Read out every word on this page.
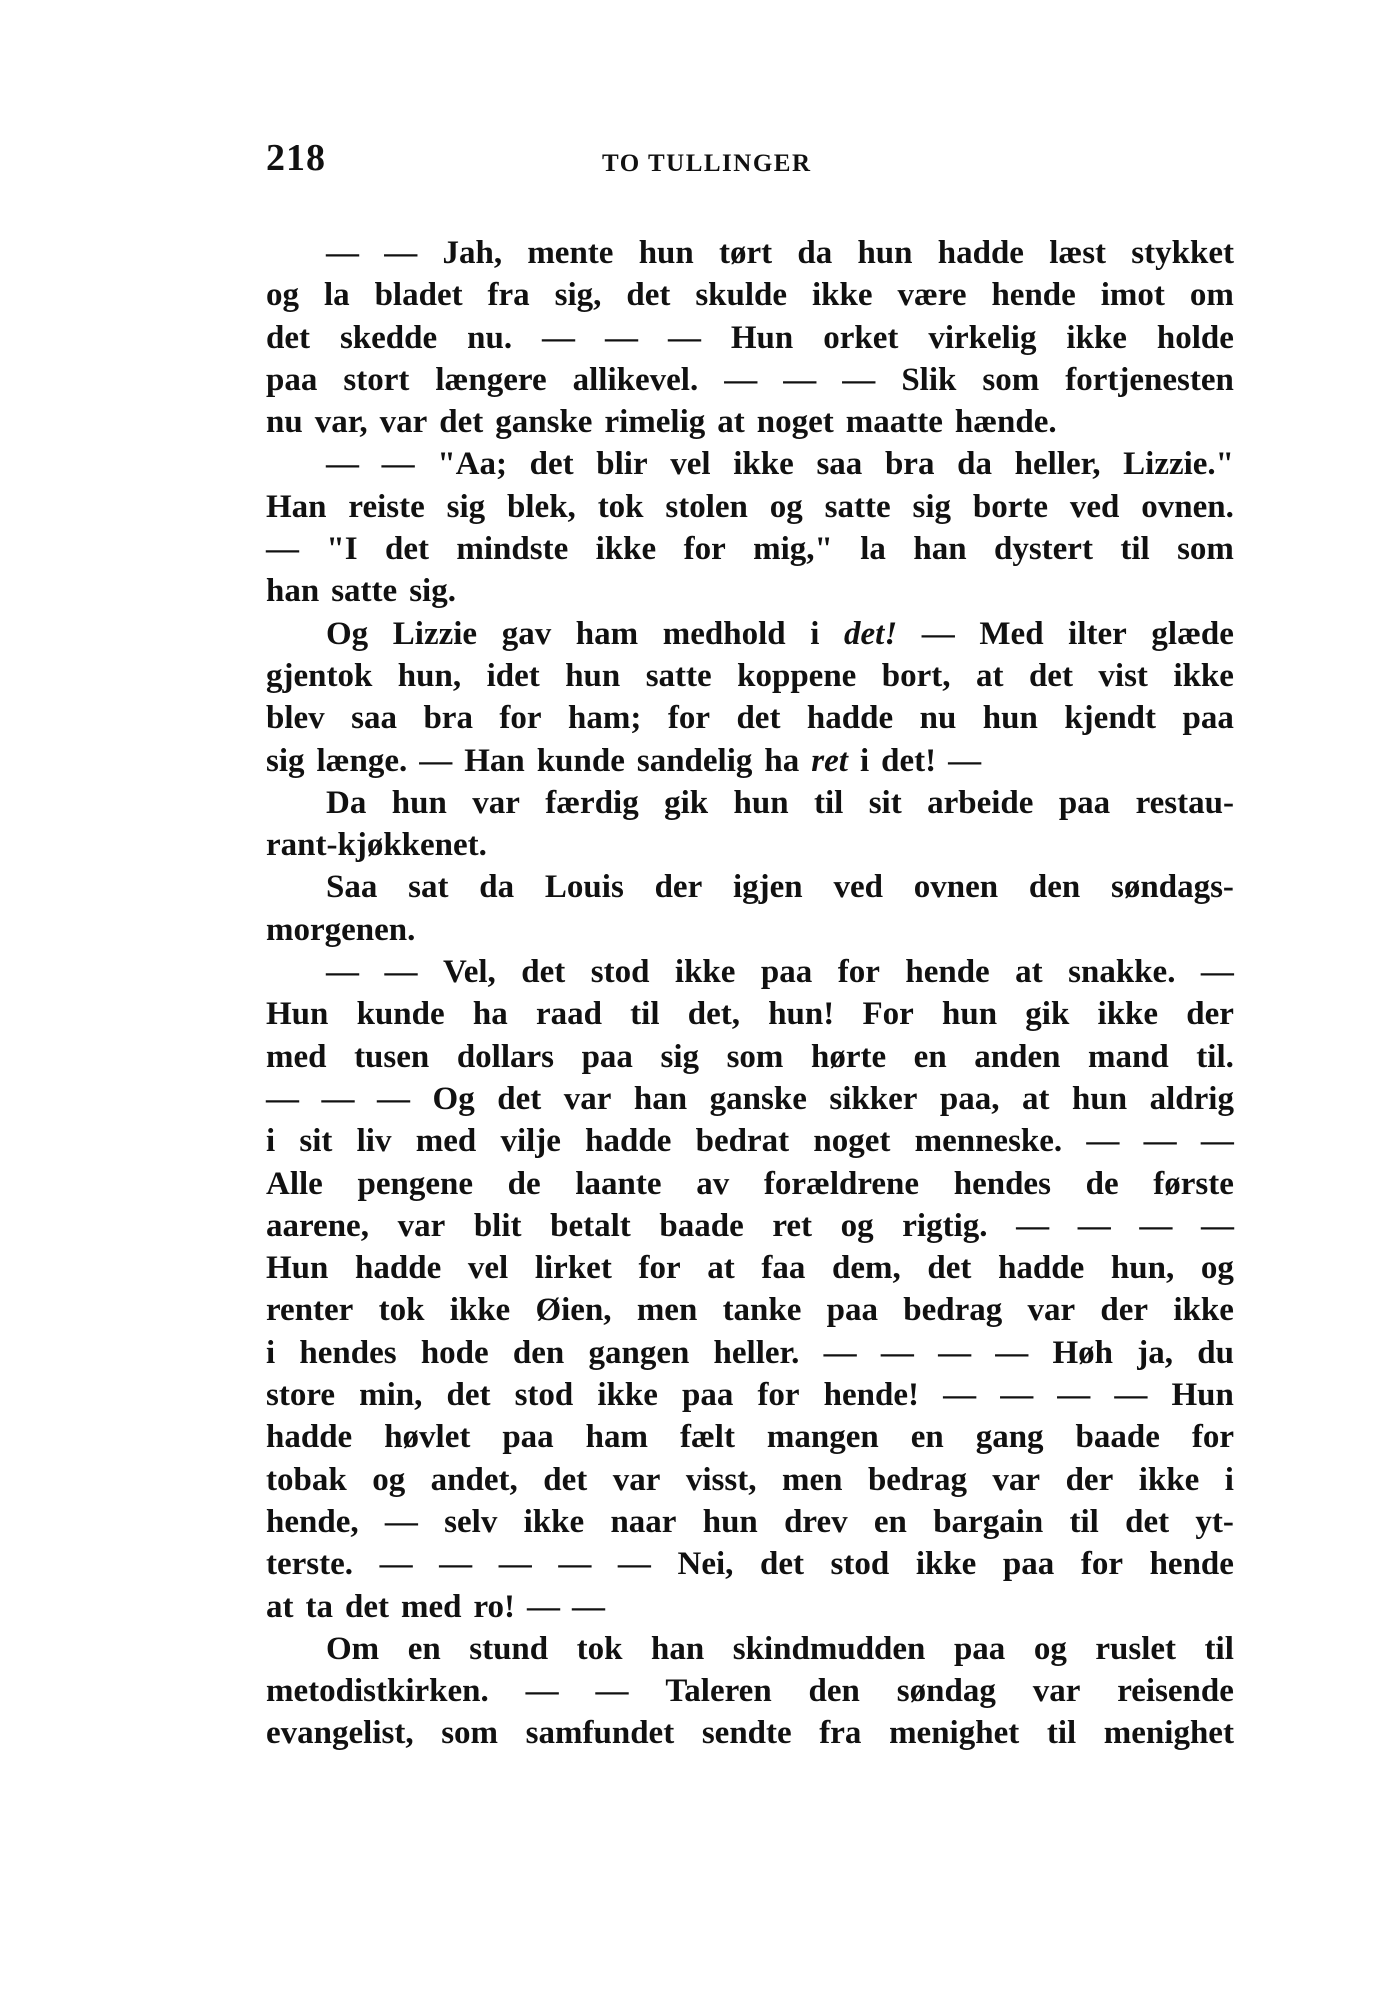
218	TO TULLINGER
— — Jah, mente hun tørt da hun hadde læst stykket
og la bladet fra sig, det skulde ikke være hende imot om
det skedde nu. — — — Hun orket virkelig ikke holde
paa stort længere allikevel. — — — Slik som fortjenesten
nu var, var det ganske rimelig at noget maatte hænde.
— — "Aa; det blir vel ikke saa bra da heller, Lizzie."
Han reiste sig blek, tok stolen og satte sig borte ved ovnen.
— "I det mindste ikke for mig," la han dystert til som
han satte sig.
Og Lizzie gav ham medhold i det! — Med ilter glæde
gjentok hun, idet hun satte koppene bort, at det vist ikke
blev saa bra for ham; for det hadde nu hun kjendt paa
sig længe. — Han kunde sandelig ha ret i det! —
Da hun var færdig gik hun til sit arbeide paa restau-
rant-kjøkkenet.
Saa sat da Louis der igjen ved ovnen den søndags-
morgenen.
— — Vel, det stod ikke paa for hende at snakke. —
Hun kunde ha raad til det, hun! For hun gik ikke der
med tusen dollars paa sig som hørte en anden mand til.
— — — Og det var han ganske sikker paa, at hun aldrig
i sit liv med vilje hadde bedrat noget menneske. — — —
Alle pengene de laante av forældrene hendes de første
aarene, var blit betalt baade ret og rigtig. — — — —
Hun hadde vel lirket for at faa dem, det hadde hun, og
renter tok ikke Øien, men tanke paa bedrag var der ikke
i hendes hode den gangen heller. — — — — Høh ja, du
store min, det stod ikke paa for hende! — — — — Hun
hadde høvlet paa ham fælt mangen en gang baade for
tobak og andet, det var visst, men bedrag var der ikke i
hende, — selv ikke naar hun drev en bargain til det yt-
terste. — — — — — Nei, det stod ikke paa for hende
at ta det med ro! — —
Om en stund tok han skindmudden paa og ruslet til
metodistkirken. — — Taleren den søndag var reisende
evangelist, som samfundet sendte fra menighet til menighet
